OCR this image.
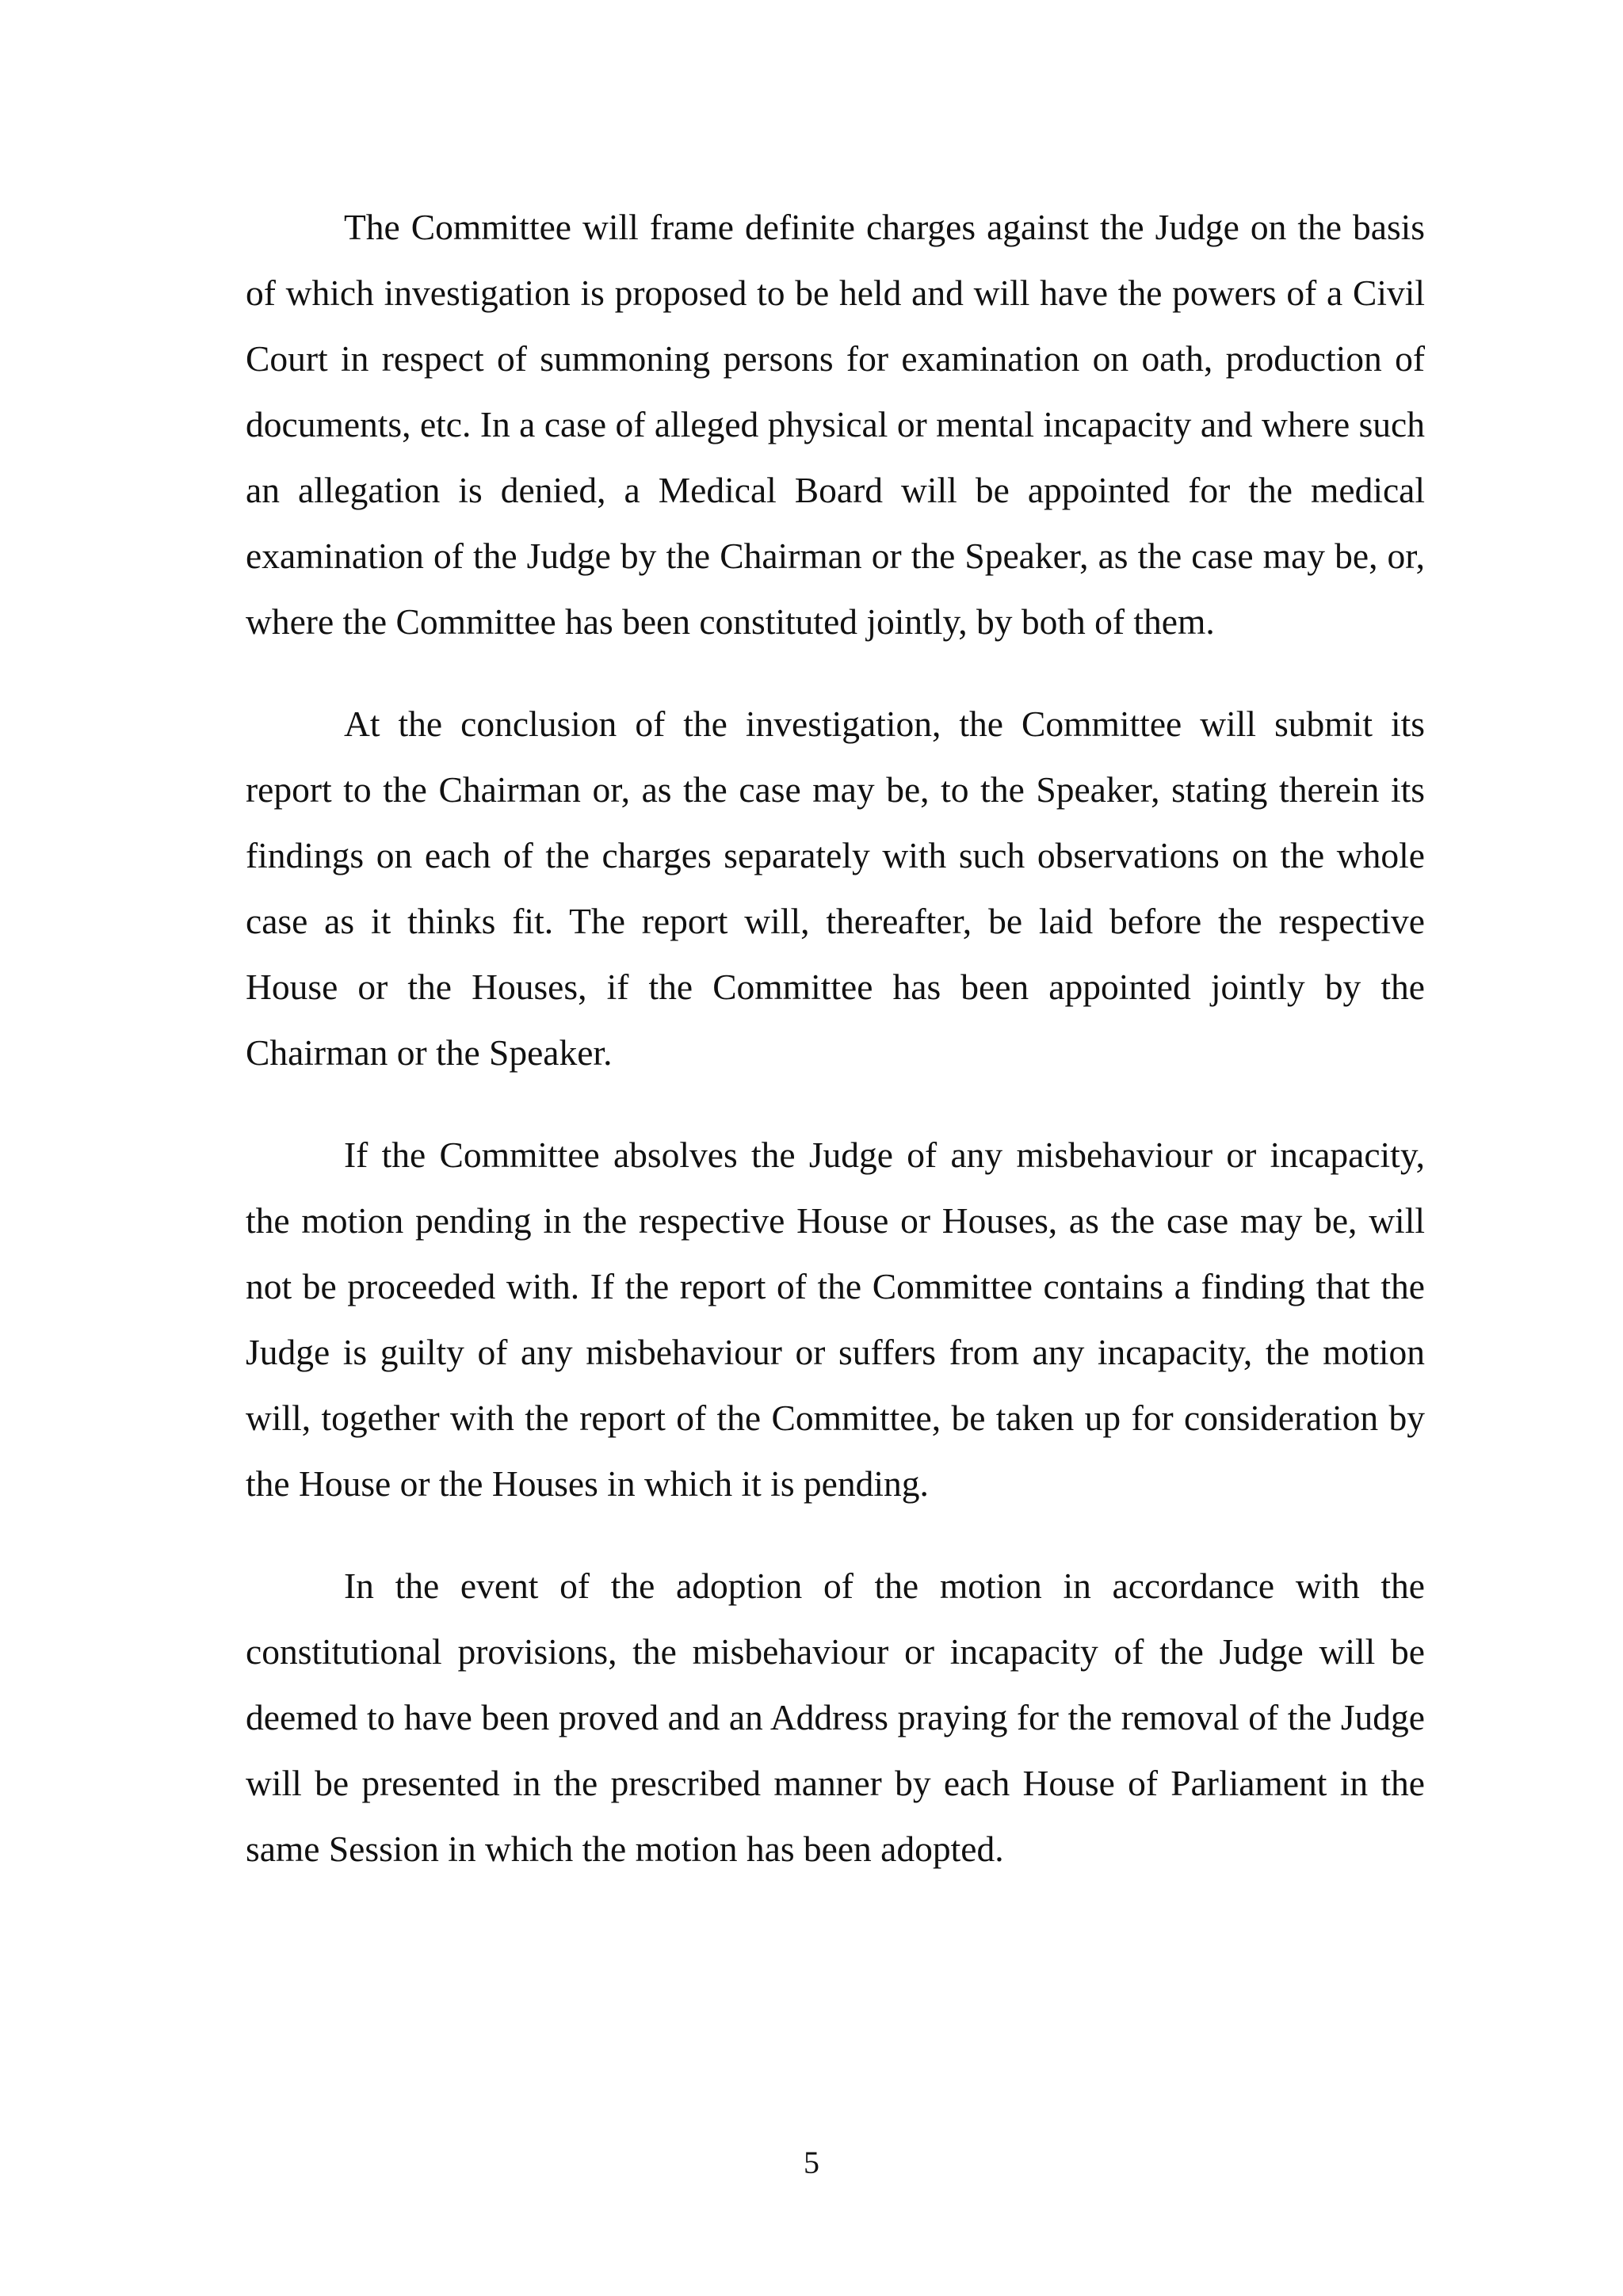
The Committee will frame definite charges against the Judge on the basis of which investigation is proposed to be held and will have the powers of a Civil Court in respect of summoning persons for examination on oath, production of documents, etc. In a case of alleged physical or mental incapacity and where such an allegation is denied, a Medical Board will be appointed for the medical examination of the Judge by the Chairman or the Speaker, as the case may be, or, where the Committee has been constituted jointly, by both of them.

At the conclusion of the investigation, the Committee will submit its report to the Chairman or, as the case may be, to the Speaker, stating therein its findings on each of the charges separately with such observations on the whole case as it thinks fit. The report will, thereafter, be laid before the respective House or the Houses, if the Committee has been appointed jointly by the Chairman or the Speaker.

If the Committee absolves the Judge of any misbehaviour or incapacity, the motion pending in the respective House or Houses, as the case may be, will not be proceeded with. If the report of the Committee contains a finding that the Judge is guilty of any misbehaviour or suffers from any incapacity, the motion will, together with the report of the Committee, be taken up for consideration by the House or the Houses in which it is pending.

In the event of the adoption of the motion in accordance with the constitutional provisions, the misbehaviour or incapacity of the Judge will be deemed to have been proved and an Address praying for the removal of the Judge will be presented in the prescribed manner by each House of Parliament in the same Session in which the motion has been adopted.

5
